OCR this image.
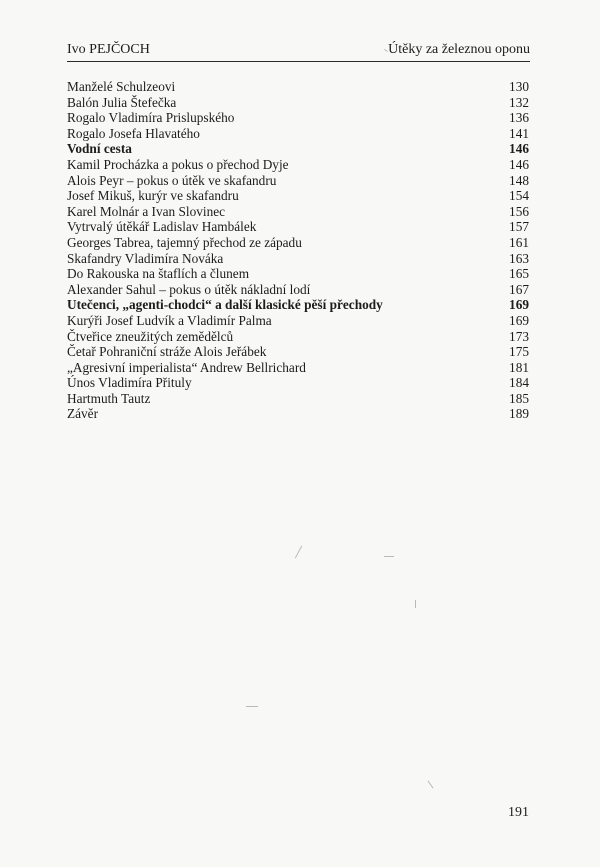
Ivo PEJČOCH	Útěky za železnou oponu
Manželé Schulzeovi	130
Balón Julia Štefečka	132
Rogalo Vladimíra Prislupského	136
Rogalo Josefa Hlavatého	141
Vodní cesta	146
Kamil Procházka a pokus o přechod Dyje	146
Alois Peyr – pokus o útěk ve skafandru	148
Josef Mikuš, kurýr ve skafandru	154
Karel Molnár a Ivan Slovinec	156
Vytrvalý útěkář Ladislav Hambálek	157
Georges Tabrea, tajemný přechod ze západu	161
Skafandry Vladimíra Nováka	163
Do Rakouska na štaflích a člunem	165
Alexander Sahul – pokus o útěk nákladní lodí	167
Utečenci, „agenti-chodci“ a další klasické pěší přechody	169
Kurýři Josef Ludvík a Vladimír Palma	169
Čtveřice zneužitých zemědělců	173
Četař Pohraniční stráže Alois Jeřábek	175
„Agresivní imperialista“ Andrew Bellrichard	181
Únos Vladimíra Přituly	184
Hartmuth Tautz	185
Závěr	189
191
